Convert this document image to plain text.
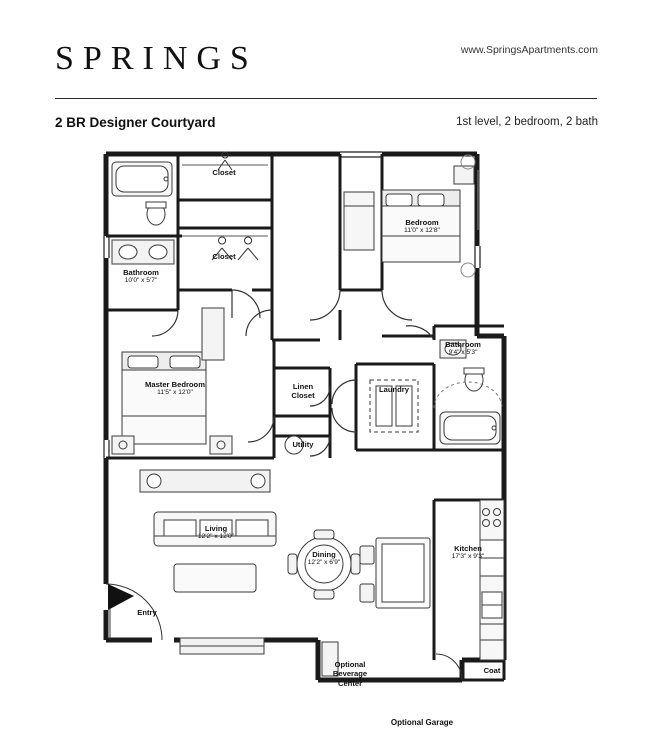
SPRINGS	www.SpringsApartments.com
2 BR Designer Courtyard	1st level, 2 bedroom, 2 bath
Closet
Closet
Bathroom
10'0" x 5'7"
Bedroom
11'0" x 12'8"
Bathroom
9'4" x 5'3"
Master Bedroom
11'5" x 12'0"
Linen
Closet
Laundry
Utility
Living
12'2" x 12'0"
Dining
12'2" x 6'9"
Kitchen
17'3" x 9'3"
Entry
Coat
Optional
Beverage
Center
Optional Garage
